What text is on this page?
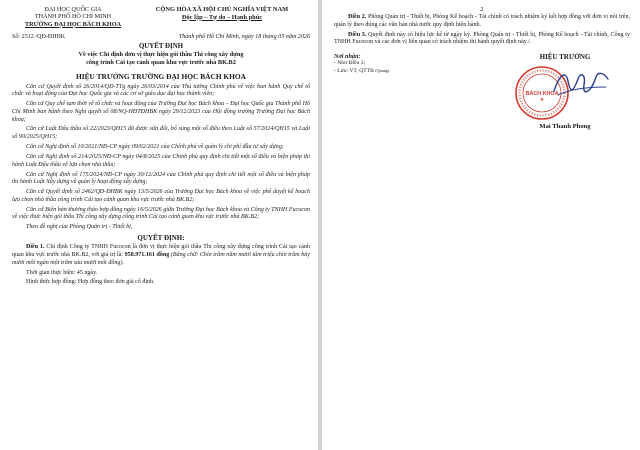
ĐẠI HỌC QUỐC GIA
THÀNH PHỐ HỒ CHÍ MINH
TRƯỜNG ĐẠI HỌC BÁCH KHOA
CỘNG HÒA XÃ HỘI CHỦ NGHĨA VIỆT NAM
Độc lập – Tự do – Hạnh phúc
Số: 2512 /QĐ-ĐHBK	Thành phố Hồ Chí Minh, ngày 18 tháng 05 năm 2026
QUYẾT ĐỊNH
Về việc Chỉ định đơn vị thực hiện gói thầu Thi công xây dựng
công trình Cải tạo cảnh quan khu vực trước nhà BK.B2
HIỆU TRƯỞNG TRƯỜNG ĐẠI HỌC BÁCH KHOA

Căn cứ Quyết định số 26/2014/QĐ-TTg ngày 26/03/2014 của Thủ tướng Chính phủ về việc ban hành Quy chế tổ chức và hoạt động của Đại học Quốc gia và các cơ sở giáo dục đại học thành viên;

Căn cứ Quy chế tạm thời về tổ chức và hoạt động của Trường Đại học Bách khoa – Đại học Quốc gia Thành phố Hồ Chí Minh ban hành theo Nghị quyết số 08/NQ-HĐTĐHBK ngày 29/12/2023 của Hội đồng trường Trường Đại học Bách khoa;

Căn cứ Luật Đấu thầu số 22/2023/QH15 đã được sửa đổi, bổ sung một số điều theo Luật số 57/2024/QH15 và Luật số 90/2025/QH15;

Căn cứ Nghị định số 10/2021/NĐ-CP ngày 09/02/2021 của Chính phủ về quản lý chi phí đầu tư xây dựng;

Căn cứ Nghị định số 214/2025/NĐ-CP ngày 04/8/2025 của Chính phủ quy định chi tiết một số điều và biện pháp thi hành Luật Đấu thầu về lựa chọn nhà thầu;

Căn cứ Nghị định số 175/2024/NĐ-CP ngày 30/12/2024 của Chính phủ quy định chi tiết một số điều và biện pháp thi hành Luật Xây dựng về quản lý hoạt động xây dựng;

Căn cứ Quyết định số 2462/QĐ-ĐHBK ngày 13/5/2026 của Trường Đại học Bách khoa về việc phê duyệt kế hoạch lựa chọn nhà thầu công trình Cải tạo cảnh quan khu vực trước nhà BK.B2;

Căn cứ Biên bản thương thảo hợp đồng ngày 16/5/2026 giữa Trường Đại học Bách khoa và Công ty TNHH Fucocon về việc thực hiện gói thầu Thi công xây dựng công trình Cải tạo cảnh quan khu vực trước nhà BK.B2;

Theo đề nghị của Phòng Quản trị - Thiết bị,

QUYẾT ĐỊNH:

Điều 1. Chỉ định Công ty TNHH Fucocon là đơn vị thực hiện gói thầu Thi công xây dựng công trình Cải tạo cảnh quan khu vực trước nhà BK.B2, với giá trị là: 958.971.161 đồng (Bằng chữ: Chín trăm năm mươi tám triệu chín trăm bảy mươi mốt ngàn một trăm sáu mươi mốt đồng).

Thời gian thực hiện: 45 ngày.

Hình thức hợp đồng: Hợp đồng theo đơn giá cố định.

2

Điều 2. Phòng Quản trị - Thiết bị, Phòng Kế hoạch - Tài chính có trách nhiệm ký kết hợp đồng với đơn vị nói trên, quản lý theo đúng các văn bản nhà nước quy định hiện hành.

Điều 3. Quyết định này có hiệu lực kể từ ngày ký. Phòng Quản trị - Thiết bị, Phòng Kế hoạch - Tài chính, Công ty TNHH Fucocon và các đơn vị liên quan có trách nhiệm thi hành quyết định này./.

Nơi nhận:
- Như Điều 3;
- Lưu: VT, QTTB (Quang).
HIỆU TRƯỞNG
BÁCH KHOA
★
Mai Thanh Phong
